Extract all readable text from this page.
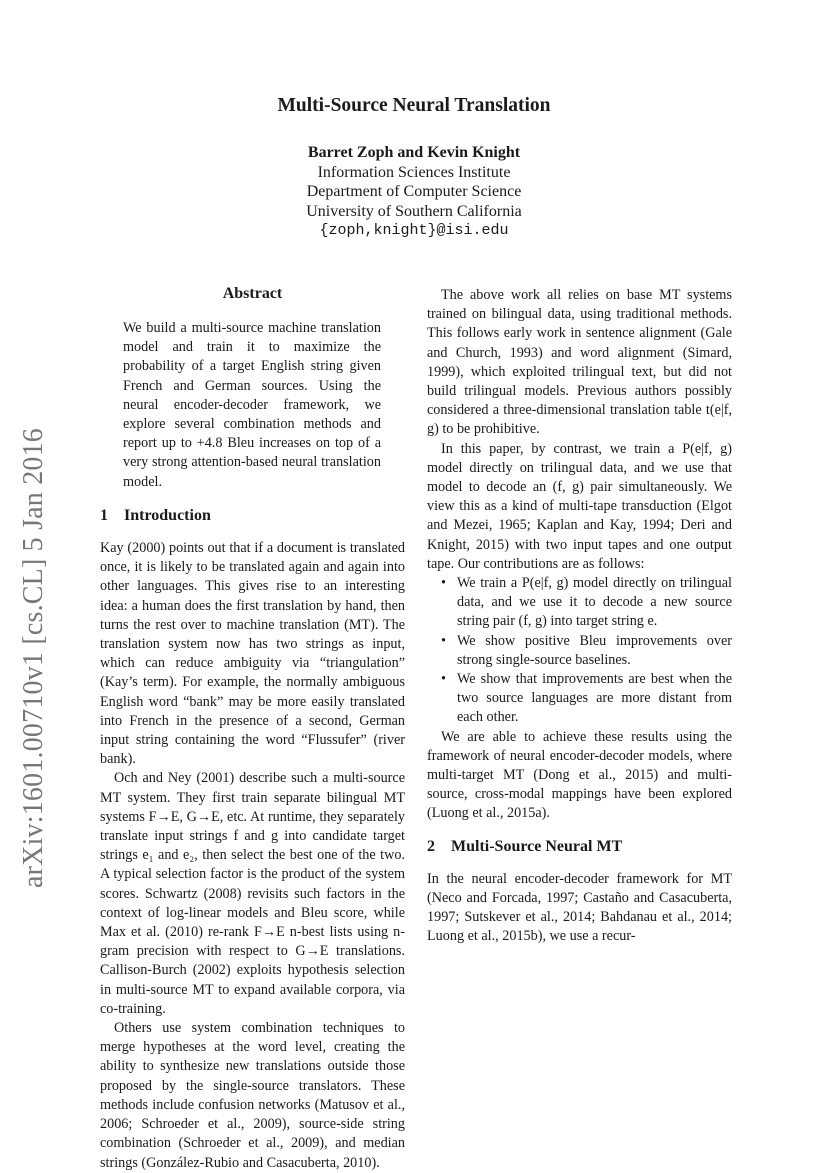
arXiv:1601.00710v1 [cs.CL] 5 Jan 2016
Multi-Source Neural Translation
Barret Zoph and Kevin Knight
Information Sciences Institute
Department of Computer Science
University of Southern California
{zoph,knight}@isi.edu
Abstract
We build a multi-source machine translation model and train it to maximize the probability of a target English string given French and German sources. Using the neural encoder-decoder framework, we explore several combination methods and report up to +4.8 Bleu increases on top of a very strong attention-based neural translation model.
1 Introduction

Kay (2000) points out that if a document is translated once, it is likely to be translated again and again into other languages. This gives rise to an interesting idea: a human does the first translation by hand, then turns the rest over to machine translation (MT). The translation system now has two strings as input, which can reduce ambiguity via “triangulation” (Kay’s term). For example, the normally ambiguous English word “bank” may be more easily translated into French in the presence of a second, German input string containing the word “Flussufer” (river bank).

Och and Ney (2001) describe such a multi-source MT system. They first train separate bilingual MT systems F→E, G→E, etc. At runtime, they separately translate input strings f and g into candidate target strings e₁ and e₂, then select the best one of the two. A typical selection factor is the product of the system scores. Schwartz (2008) revisits such factors in the context of log-linear models and Bleu score, while Max et al. (2010) re-rank F→E n-best lists using n-gram precision with respect to G→E translations. Callison-Burch (2002) exploits hypothesis selection in multi-source MT to expand available corpora, via co-training.

Others use system combination techniques to merge hypotheses at the word level, creating the ability to synthesize new translations outside those proposed by the single-source translators. These methods include confusion networks (Matusov et al., 2006; Schroeder et al., 2009), source-side string combination (Schroeder et al., 2009), and median strings (González-Rubio and Casacuberta, 2010).

The above work all relies on base MT systems trained on bilingual data, using traditional methods. This follows early work in sentence alignment (Gale and Church, 1993) and word alignment (Simard, 1999), which exploited trilingual text, but did not build trilingual models. Previous authors possibly considered a three-dimensional translation table t(e|f, g) to be prohibitive.

In this paper, by contrast, we train a P(e|f, g) model directly on trilingual data, and we use that model to decode an (f, g) pair simultaneously. We view this as a kind of multi-tape transduction (Elgot and Mezei, 1965; Kaplan and Kay, 1994; Deri and Knight, 2015) with two input tapes and one output tape. Our contributions are as follows:

• We train a P(e|f, g) model directly on trilingual data, and we use it to decode a new source string pair (f, g) into target string e.
• We show positive Bleu improvements over strong single-source baselines.
• We show that improvements are best when the two source languages are more distant from each other.

We are able to achieve these results using the framework of neural encoder-decoder models, where multi-target MT (Dong et al., 2015) and multi-source, cross-modal mappings have been explored (Luong et al., 2015a).

2 Multi-Source Neural MT

In the neural encoder-decoder framework for MT (Neco and Forcada, 1997; Castaño and Casacuberta, 1997; Sutskever et al., 2014; Bahdanau et al., 2014; Luong et al., 2015b), we use a recur-
